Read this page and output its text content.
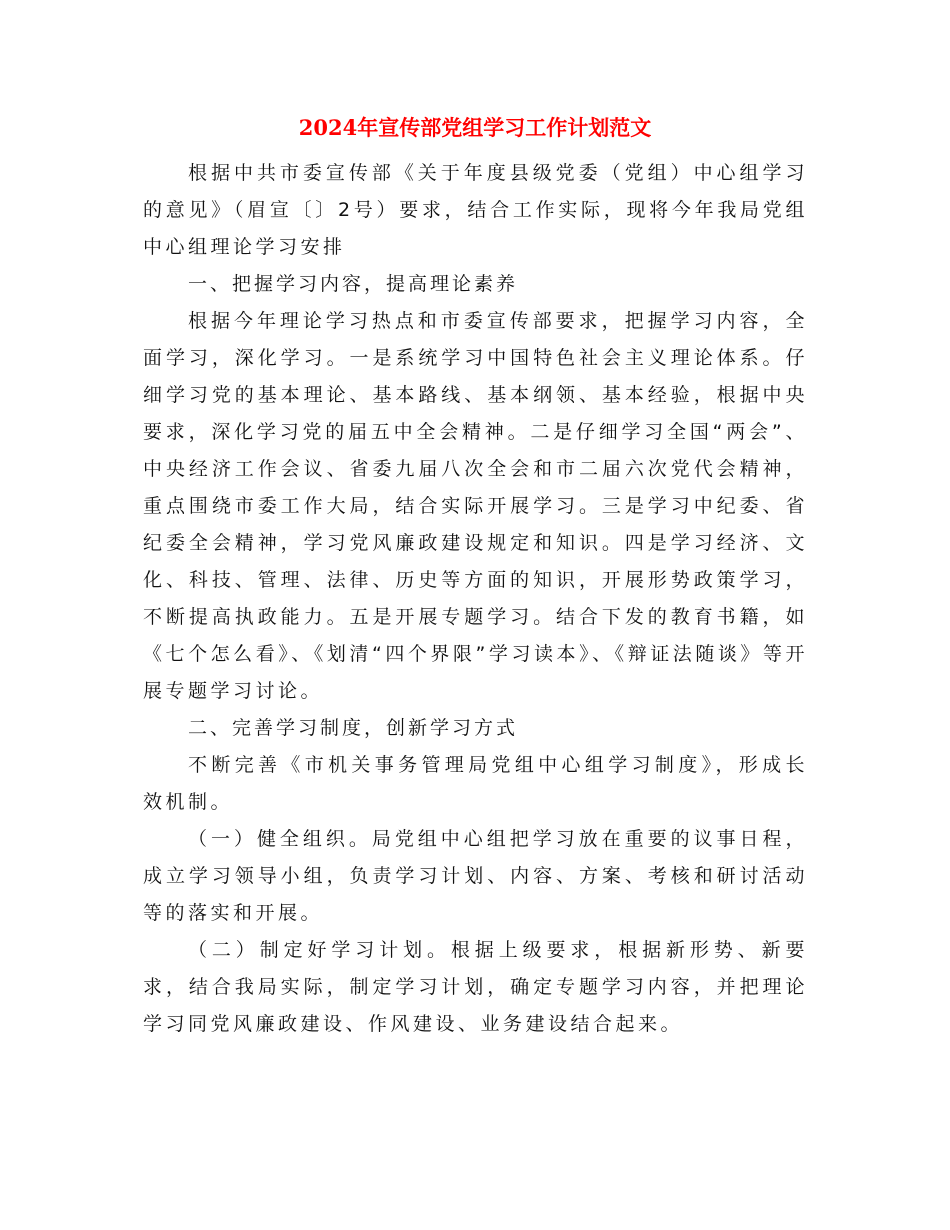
2024年宣传部党组学习工作计划范文

根据中共市委宣传部《关于年度县级党委（党组）中心组学习的意见》（眉宣〔〕2号）要求，结合工作实际，现将今年我局党组中心组理论学习安排

一、把握学习内容，提高理论素养

根据今年理论学习热点和市委宣传部要求，把握学习内容，全面学习，深化学习。一是系统学习中国特色社会主义理论体系。仔细学习党的基本理论、基本路线、基本纲领、基本经验，根据中央要求，深化学习党的届五中全会精神。二是仔细学习全国“两会”、中央经济工作会议、省委九届八次全会和市二届六次党代会精神，重点围绕市委工作大局，结合实际开展学习。三是学习中纪委、省纪委全会精神，学习党风廉政建设规定和知识。四是学习经济、文化、科技、管理、法律、历史等方面的知识，开展形势政策学习，不断提高执政能力。五是开展专题学习。结合下发的教育书籍，如《七个怎么看》、《划清“四个界限”学习读本》、《辩证法随谈》等开展专题学习讨论。

二、完善学习制度，创新学习方式

不断完善《市机关事务管理局党组中心组学习制度》，形成长效机制。

（一）健全组织。局党组中心组把学习放在重要的议事日程，成立学习领导小组，负责学习计划、内容、方案、考核和研讨活动等的落实和开展。

（二）制定好学习计划。根据上级要求，根据新形势、新要求，结合我局实际，制定学习计划，确定专题学习内容，并把理论学习同党风廉政建设、作风建设、业务建设结合起来。
